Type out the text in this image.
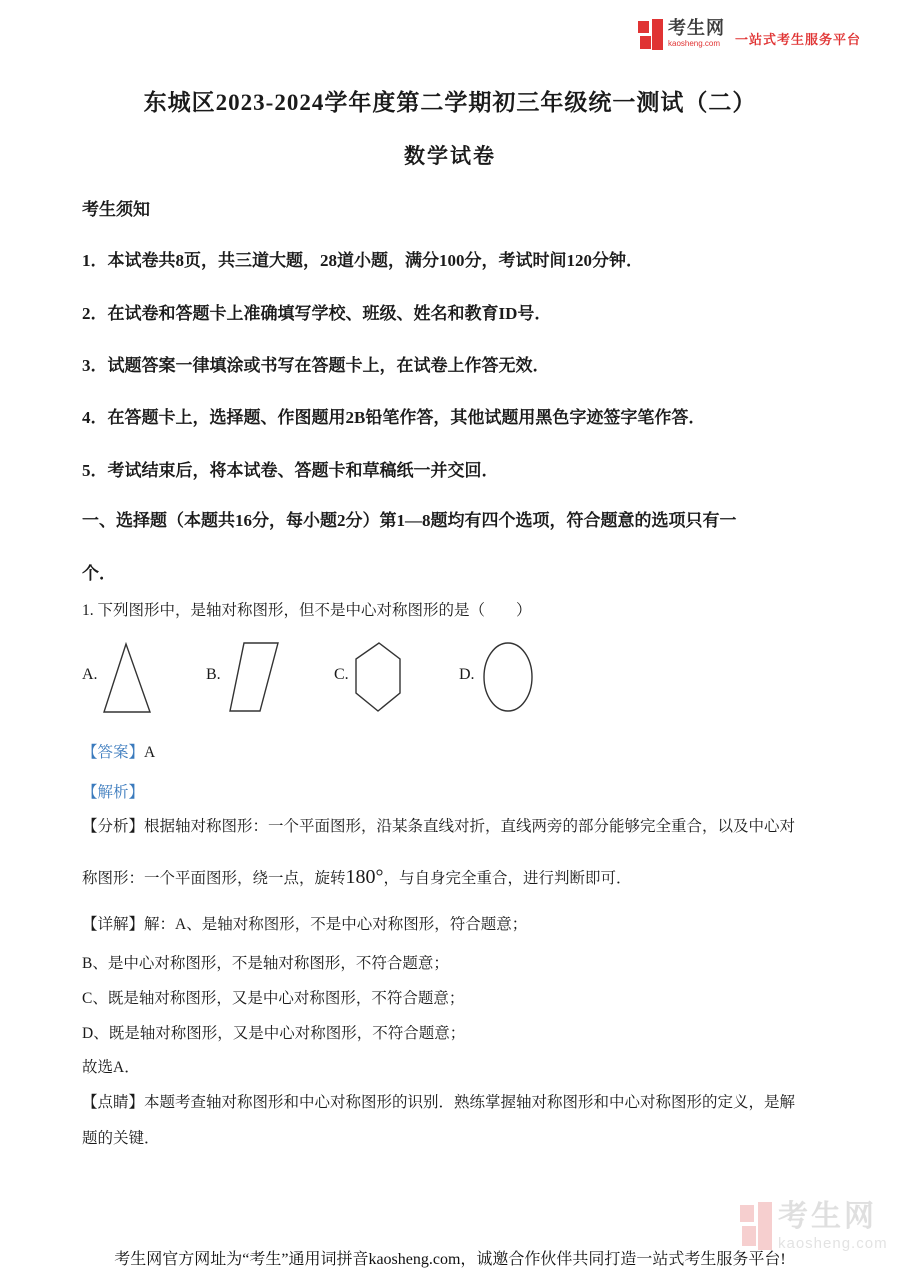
考生网
kaosheng.com	一站式考生服务平台
东城区2023-2024学年度第二学期初三年级统一测试（二）
数学试卷
考生须知
1．本试卷共8页，共三道大题，28道小题，满分100分，考试时间120分钟．
2．在试卷和答题卡上准确填写学校、班级、姓名和教育ID号．
3．试题答案一律填涂或书写在答题卡上，在试卷上作答无效．
4．在答题卡上，选择题、作图题用2B铅笔作答，其他试题用黑色字迹签字笔作答．
5．考试结束后，将本试卷、答题卡和草稿纸一并交回．
一、选择题（本题共16分，每小题2分）第1—8题均有四个选项，符合题意的选项只有一
个．
1. 下列图形中，是轴对称图形，但不是中心对称图形的是（　　）
A.	B.	C.	D.
【答案】A
【解析】
【分析】根据轴对称图形：一个平面图形，沿某条直线对折，直线两旁的部分能够完全重合，以及中心对
称图形：一个平面图形，绕一点，旋转180°，与自身完全重合，进行判断即可．
【详解】解：A、是轴对称图形，不是中心对称图形，符合题意；
B、是中心对称图形，不是轴对称图形，不符合题意；
C、既是轴对称图形，又是中心对称图形，不符合题意；
D、既是轴对称图形，又是中心对称图形，不符合题意；
故选A．
【点睛】本题考查轴对称图形和中心对称图形的识别．熟练掌握轴对称图形和中心对称图形的定义，是解
题的关键．
考生网
kaosheng.com
考生网官方网址为“考生”通用词拼音kaosheng.com，诚邀合作伙伴共同打造一站式考生服务平台!
